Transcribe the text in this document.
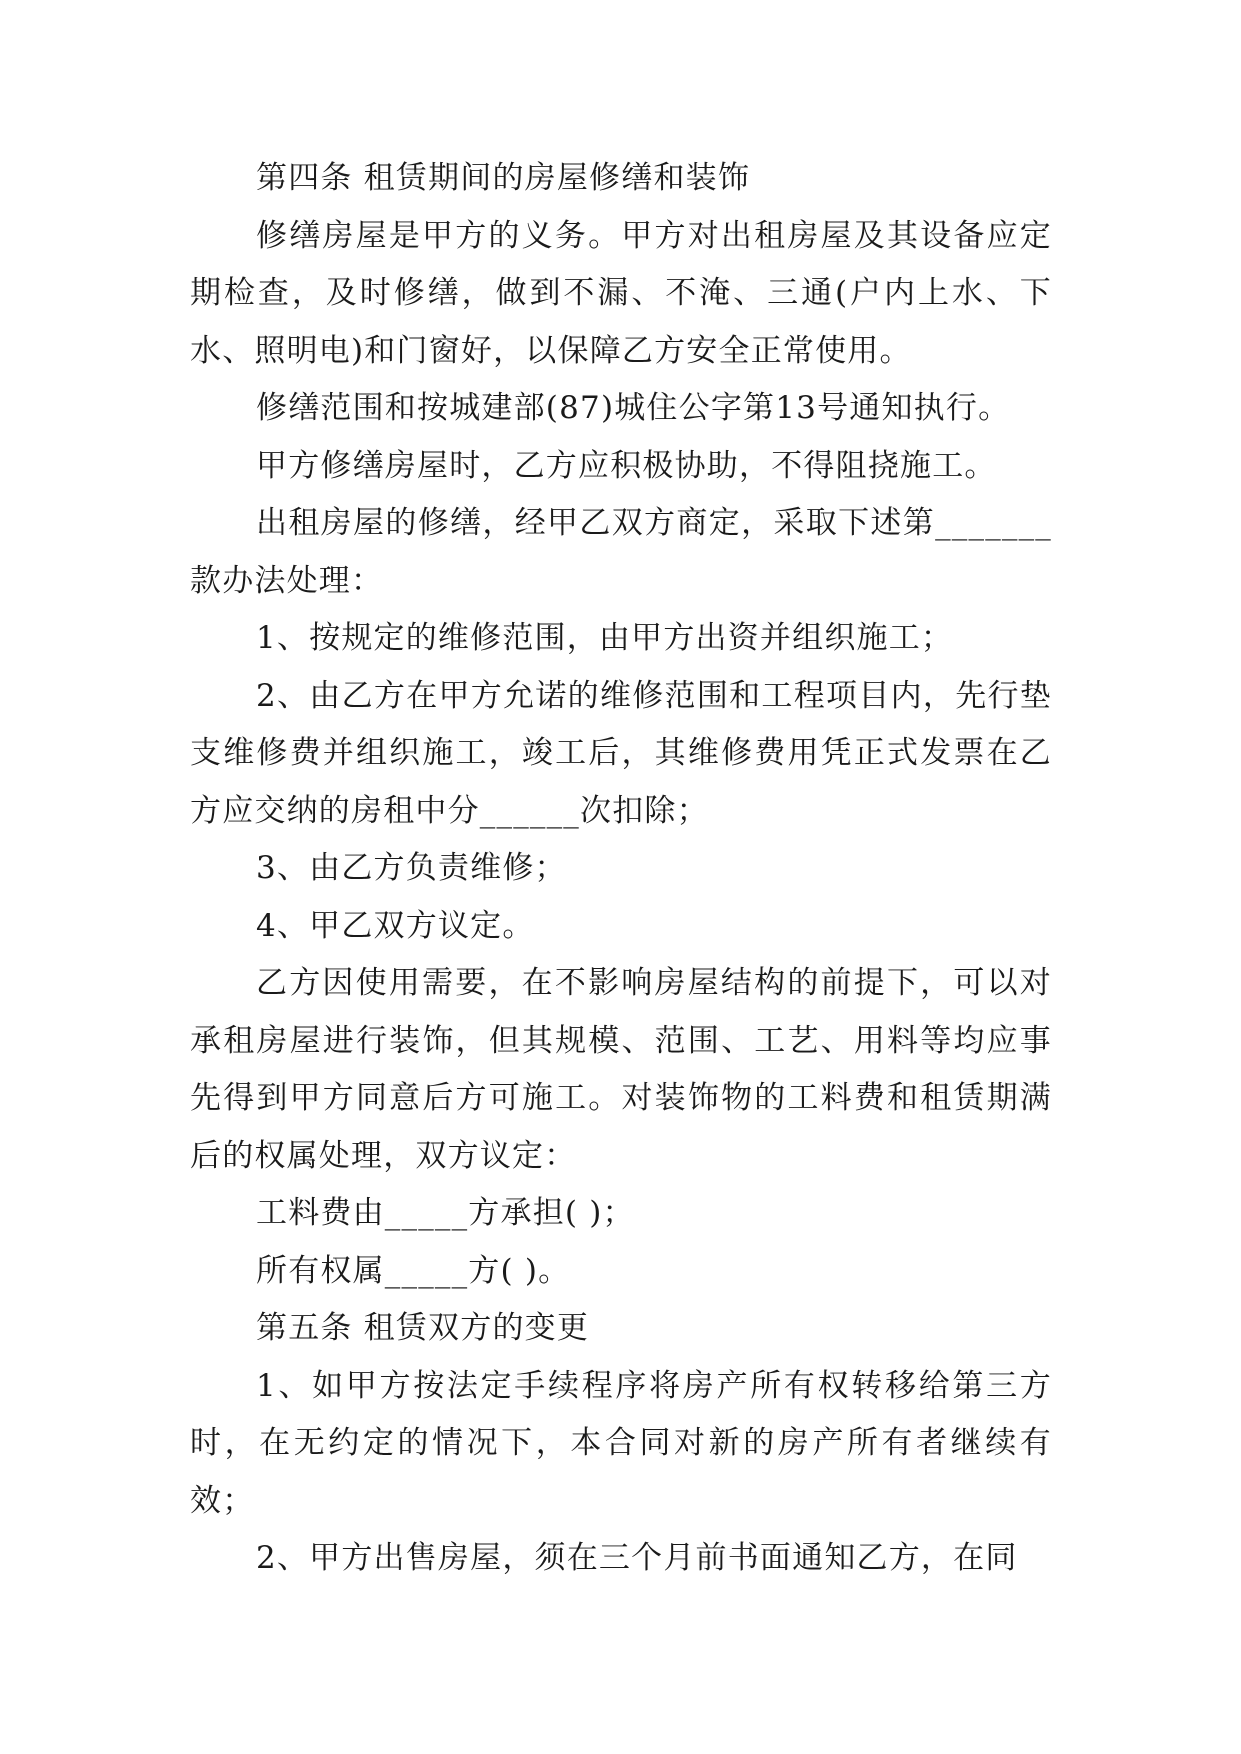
第四条 租赁期间的房屋修缮和装饰

修缮房屋是甲方的义务。甲方对出租房屋及其设备应定期检查，及时修缮，做到不漏、不淹、三通(户内上水、下水、照明电)和门窗好，以保障乙方安全正常使用。

修缮范围和按城建部(87)城住公字第13号通知执行。

甲方修缮房屋时，乙方应积极协助，不得阻挠施工。

出租房屋的修缮，经甲乙双方商定，采取下述第_______款办法处理：

1、按规定的维修范围，由甲方出资并组织施工；

2、由乙方在甲方允诺的维修范围和工程项目内，先行垫支维修费并组织施工，竣工后，其维修费用凭正式发票在乙方应交纳的房租中分______次扣除；

3、由乙方负责维修；

4、甲乙双方议定。

乙方因使用需要，在不影响房屋结构的前提下，可以对承租房屋进行装饰，但其规模、范围、工艺、用料等均应事先得到甲方同意后方可施工。对装饰物的工料费和租赁期满后的权属处理，双方议定：

工料费由_____方承担( )；

所有权属_____方( )。

第五条 租赁双方的变更

1、如甲方按法定手续程序将房产所有权转移给第三方时，在无约定的情况下，本合同对新的房产所有者继续有效；

2、甲方出售房屋，须在三个月前书面通知乙方，在同
